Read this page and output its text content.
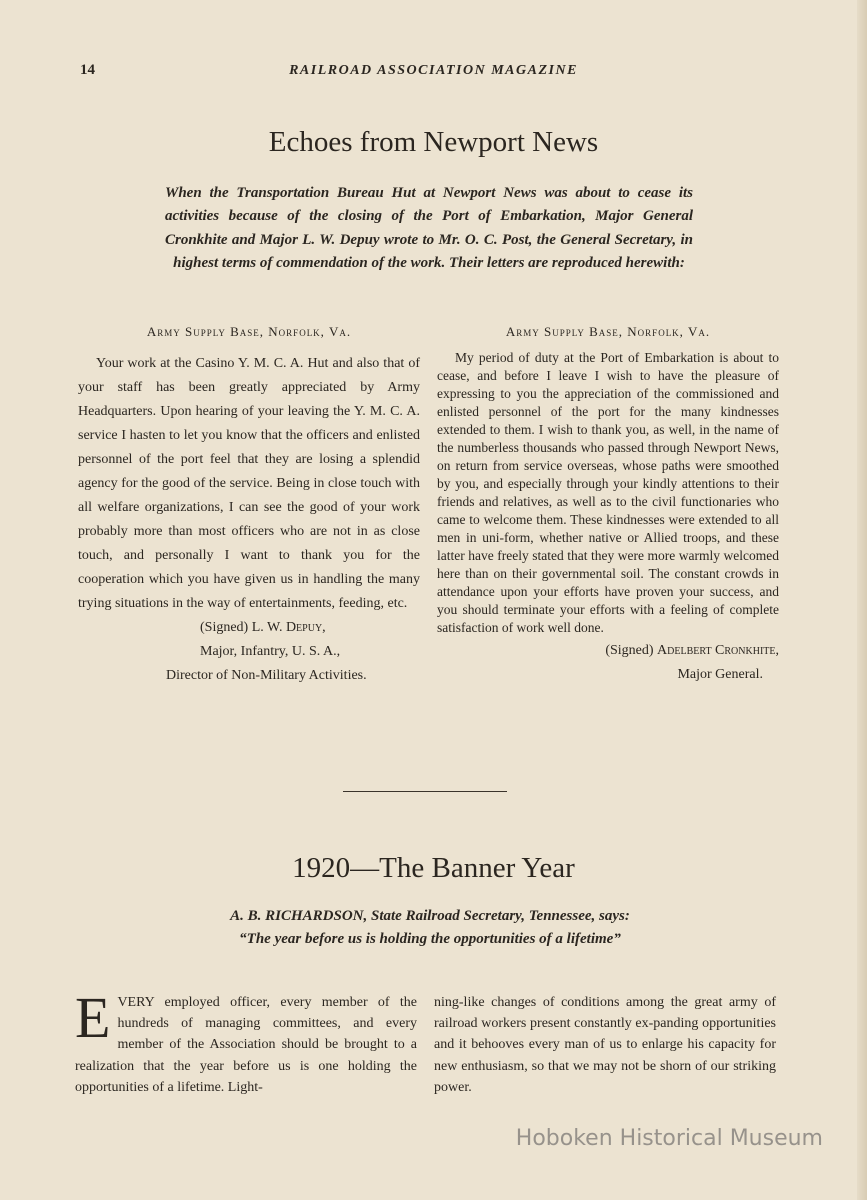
14	RAILROAD ASSOCIATION MAGAZINE
Echoes from Newport News

When the Transportation Bureau Hut at Newport News was about to cease its activities because of the closing of the Port of Embarkation, Major General Cronkhite and Major L. W. Depuy wrote to Mr. O. C. Post, the General Secretary, in highest terms of commendation of the work. Their letters are reproduced herewith:

Army Supply Base, Norfolk, Va.

Your work at the Casino Y. M. C. A. Hut and also that of your staff has been greatly appreciated by Army Headquarters. Upon hearing of your leaving the Y. M. C. A. service I hasten to let you know that the officers and enlisted personnel of the port feel that they are losing a splendid agency for the good of the service. Being in close touch with all welfare organizations, I can see the good of your work probably more than most officers who are not in as close touch, and personally I want to thank you for the cooperation which you have given us in handling the many trying situations in the way of entertainments, feeding, etc.

(Signed) L. W. Depuy,

Major, Infantry, U. S. A.,

Director of Non-Military Activities.

Army Supply Base, Norfolk, Va.

My period of duty at the Port of Embarkation is about to cease, and before I leave I wish to have the pleasure of expressing to you the appreciation of the commissioned and enlisted personnel of the port for the many kindnesses extended to them. I wish to thank you, as well, in the name of the numberless thousands who passed through Newport News, on return from service overseas, whose paths were smoothed by you, and especially through your kindly attentions to their friends and relatives, as well as to the civil functionaries who came to welcome them. These kindnesses were extended to all men in uni-form, whether native or Allied troops, and these latter have freely stated that they were more warmly welcomed here than on their governmental soil. The constant crowds in attendance upon your efforts have proven your success, and you should terminate your efforts with a feeling of complete satisfaction of work well done.

(Signed) Adelbert Cronkhite,

Major General.

1920—The Banner Year

A. B. RICHARDSON, State Railroad Secretary, Tennessee, says: “The year before us is holding the opportunities of a lifetime”

EVERY employed officer, every member of the hundreds of managing committees, and every member of the Association should be brought to a realization that the year before us is one holding the opportunities of a lifetime. Light-

ning-like changes of conditions among the great army of railroad workers present constantly ex-panding opportunities and it behooves every man of us to enlarge his capacity for new enthusiasm, so that we may not be shorn of our striking power.

Hoboken Historical Museum
